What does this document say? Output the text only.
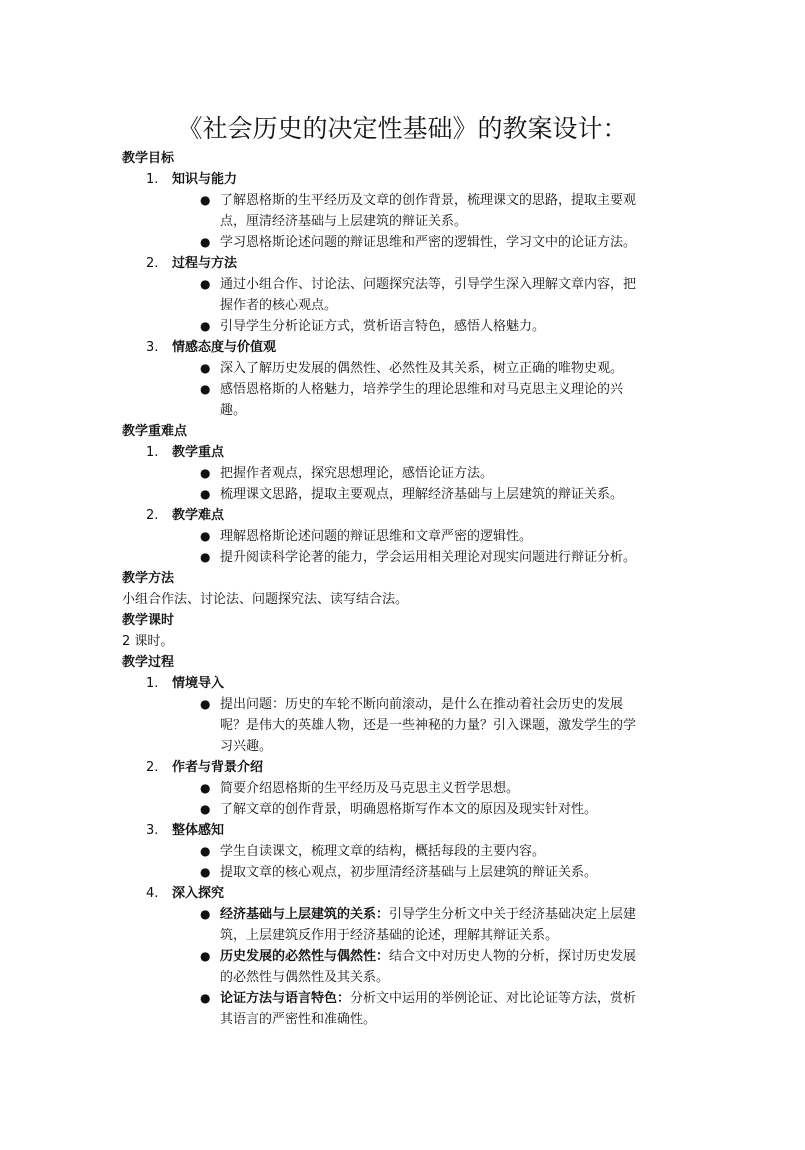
《社会历史的决定性基础》的教案设计：
教学目标
1. 知识与能力
● 了解恩格斯的生平经历及文章的创作背景，梳理课文的思路，提取主要观
点，厘清经济基础与上层建筑的辩证关系。
● 学习恩格斯论述问题的辩证思维和严密的逻辑性，学习文中的论证方法。
2. 过程与方法
● 通过小组合作、讨论法、问题探究法等，引导学生深入理解文章内容，把
握作者的核心观点。
● 引导学生分析论证方式，赏析语言特色，感悟人格魅力。
3. 情感态度与价值观
● 深入了解历史发展的偶然性、必然性及其关系，树立正确的唯物史观。
● 感悟恩格斯的人格魅力，培养学生的理论思维和对马克思主义理论的兴
趣。
教学重难点
1. 教学重点
● 把握作者观点，探究思想理论，感悟论证方法。
● 梳理课文思路，提取主要观点，理解经济基础与上层建筑的辩证关系。
2. 教学难点
● 理解恩格斯论述问题的辩证思维和文章严密的逻辑性。
● 提升阅读科学论著的能力，学会运用相关理论对现实问题进行辩证分析。
教学方法
小组合作法、讨论法、问题探究法、读写结合法。
教学课时
2 课时。
教学过程
1. 情境导入
● 提出问题：历史的车轮不断向前滚动，是什么在推动着社会历史的发展
呢？是伟大的英雄人物，还是一些神秘的力量？引入课题，激发学生的学
习兴趣。
2. 作者与背景介绍
● 简要介绍恩格斯的生平经历及马克思主义哲学思想。
● 了解文章的创作背景，明确恩格斯写作本文的原因及现实针对性。
3. 整体感知
● 学生自读课文，梳理文章的结构，概括每段的主要内容。
● 提取文章的核心观点，初步厘清经济基础与上层建筑的辩证关系。
4. 深入探究
● 经济基础与上层建筑的关系：引导学生分析文中关于经济基础决定上层建
筑，上层建筑反作用于经济基础的论述，理解其辩证关系。
● 历史发展的必然性与偶然性：结合文中对历史人物的分析，探讨历史发展
的必然性与偶然性及其关系。
● 论证方法与语言特色：分析文中运用的举例论证、对比论证等方法，赏析
其语言的严密性和准确性。
